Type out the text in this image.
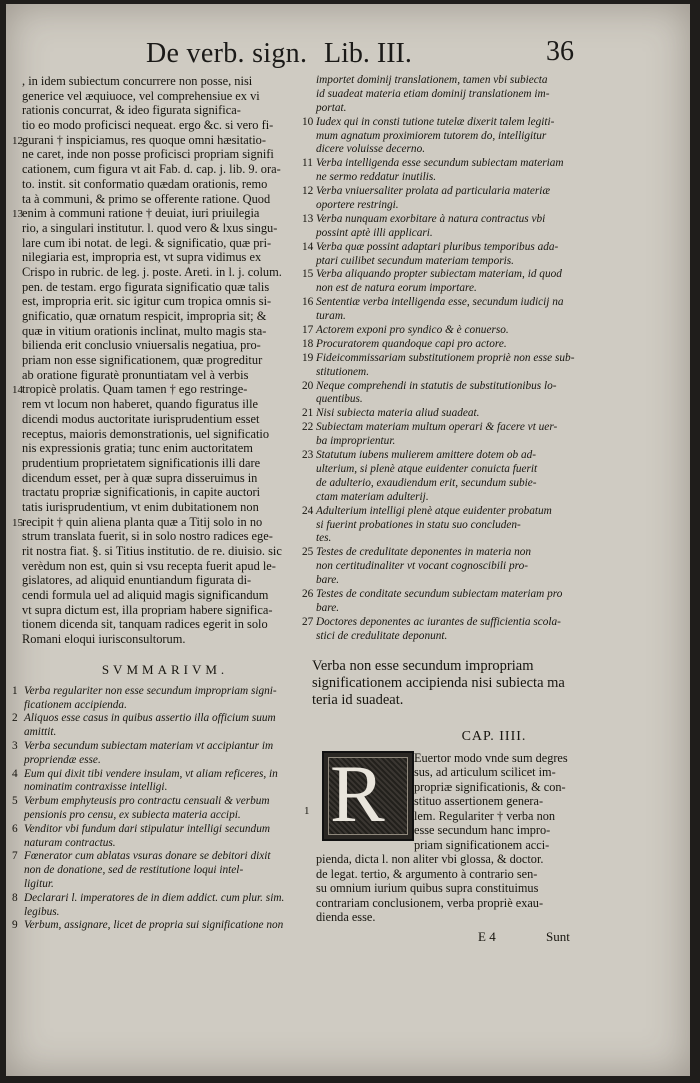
De verb. sign. Lib. III.	36
, in idem subiectum concurrere non posse, nisi
generice vel æquiuoce, vel comprehensiue ex vi
rationis concurrat, & ideo figurata significa-
tio eo modo proficisci nequeat. ergo &c. si vero fi-
12gurani † inspiciamus, res quoque omni hæsitatio-
ne caret, inde non posse proficisci propriam signifi
cationem, cum figura vt ait Fab. d. cap. j. lib. 9. ora-
to. instit. sit conformatio quædam orationis, remo
ta à communi, & primo se offerente ratione. Quod
13enim à communi ratione † deuiat, iuri priuilegia
rio, a singulari institutur. l. quod vero & lxus singu-
lare cum ibi notat. de legi. & significatio, quæ pri-
nilegiaria est, impropria est, vt supra vidimus ex
Crispo in rubric. de leg. j. poste. Areti. in l. j. colum.
pen. de testam. ergo figurata significatio quæ talis
est, impropria erit. sic igitur cum tropica omnis si-
gnificatio, quæ ornatum respicit, impropria sit; &
quæ in vitium orationis inclinat, multo magis sta-
bilienda erit conclusio vniuersalis negatiua, pro-
priam non esse significationem, quæ progreditur
ab oratione figuratè pronuntiatam vel à verbis
14tropicè prolatis. Quam tamen † ego restringe-
rem vt locum non haberet, quando figuratus ille
dicendi modus auctoritate iurisprudentium esset
receptus, maioris demonstrationis, uel significatio
nis expressionis gratia; tunc enim auctoritatem
prudentium proprietatem significationis illi dare
dicendum esset, per à quæ supra disseruimus in
tractatu propriæ significationis, in capite auctori
tatis iurisprudentium, vt enim dubitationem non
15recipit † quin aliena planta quæ a Titij solo in no
strum translata fuerit, si in solo nostro radices ege-
rit nostra fiat. §. si Titius institutio. de re. diuisio. sic
verèdum non est, quin si vsu recepta fuerit apud le-
gislatores, ad aliquid enuntiandum figurata di-
cendi formula uel ad aliquid magis significandum
vt supra dictum est, illa propriam habere significa-
tionem dicenda sit, tanquam radices egerit in solo
Romani eloqui iurisconsultorum.
SVMMARIVM.
1 Verba regulariter non esse secundum impropriam signi-
ficationem accipienda.
2 Aliquos esse casus in quibus assertio illa officium suum
amittit.
3 Verba secundum subiectam materiam vt accipiantur im
propriendæ esse.
4 Eum qui dixit tibi vendere insulam, vt aliam reficeres, in
nominatim contraxisse intelligi.
5 Verbum emphyteusis pro contractu censuali & verbum
pensionis pro censu, ex subiecta materia accipi.
6 Venditor vbi fundum dari stipulatur intelligi secundum
naturam contractus.
7 Fœnerator cum ablatas vsuras donare se debitori dixit
non de donatione, sed de restitutione loqui intel-
ligitur.
8 Declarari l. imperatores de in diem addict. cum plur. sim.
legibus.
9 Verbum, assignare, licet de propria sui significatione non
importet dominij translationem, tamen vbi subiecta
id suadeat materia etiam dominij translationem im-
portat.
10 Iudex qui in consti tutione tutelæ dixerit talem legiti-
mum agnatum proximiorem tutorem do, intelligitur
dicere voluisse decerno.
11 Verba intelligenda esse secundum subiectam materiam
ne sermo reddatur inutilis.
12 Verba vniuersaliter prolata ad particularia materiæ
oportere restringi.
13 Verba nunquam exorbitare à natura contractus vbi
possint aptè illi applicari.
14 Verba quæ possint adaptari pluribus temporibus ada-
ptari cuilibet secundum materiam temporis.
15 Verba aliquando propter subiectam materiam, id quod
non est de natura eorum importare.
16 Sententiæ verba intelligenda esse, secundum iudicij na
turam.
17 Actorem exponi pro syndico & è conuerso.
18 Procuratorem quandoque capi pro actore.
19 Fideicommissariam substitutionem propriè non esse sub-
stitutionem.
20 Neque comprehendi in statutis de substitutionibus lo-
quentibus.
21 Nisi subiecta materia aliud suadeat.
22 Subiectam materiam multum operari & facere vt uer-
ba improprientur.
23 Statutum iubens mulierem amittere dotem ob ad-
ulterium, si plenè atque euidenter conuicta fuerit
de adulterio, exaudiendum erit, secundum subie-
ctam materiam adulterij.
24 Adulterium intelligi plenè atque euidenter probatum
si fuerint probationes in statu suo concluden-
tes.
25 Testes de credulitate deponentes in materia non
non certitudinaliter vt vocant cognoscibili pro-
bare.
26 Testes de conditate secundum subiectam materiam pro
bare.
27 Doctores deponentes ac iurantes de sufficientia scola-
stici de credulitate deponunt.
Verba non esse secundum impropriam
significationem accipienda nisi subiecta ma
teria id suadeat.
CAP. IIII.
R
1
Euertor modo vnde sum degres
sus, ad articulum scilicet im-
propriæ significationis, & con-
stituo assertionem genera-
lem. Regulariter † verba non
esse secundum hanc impro-
priam significationem acci-
pienda, dicta l. non aliter vbi glossa, & doctor.
de legat. tertio, & argumento à contrario sen-
su omnium iurium quibus supra constituimus
contrariam conclusionem, verba propriè exau-
dienda esse.
E 4	Sunt
